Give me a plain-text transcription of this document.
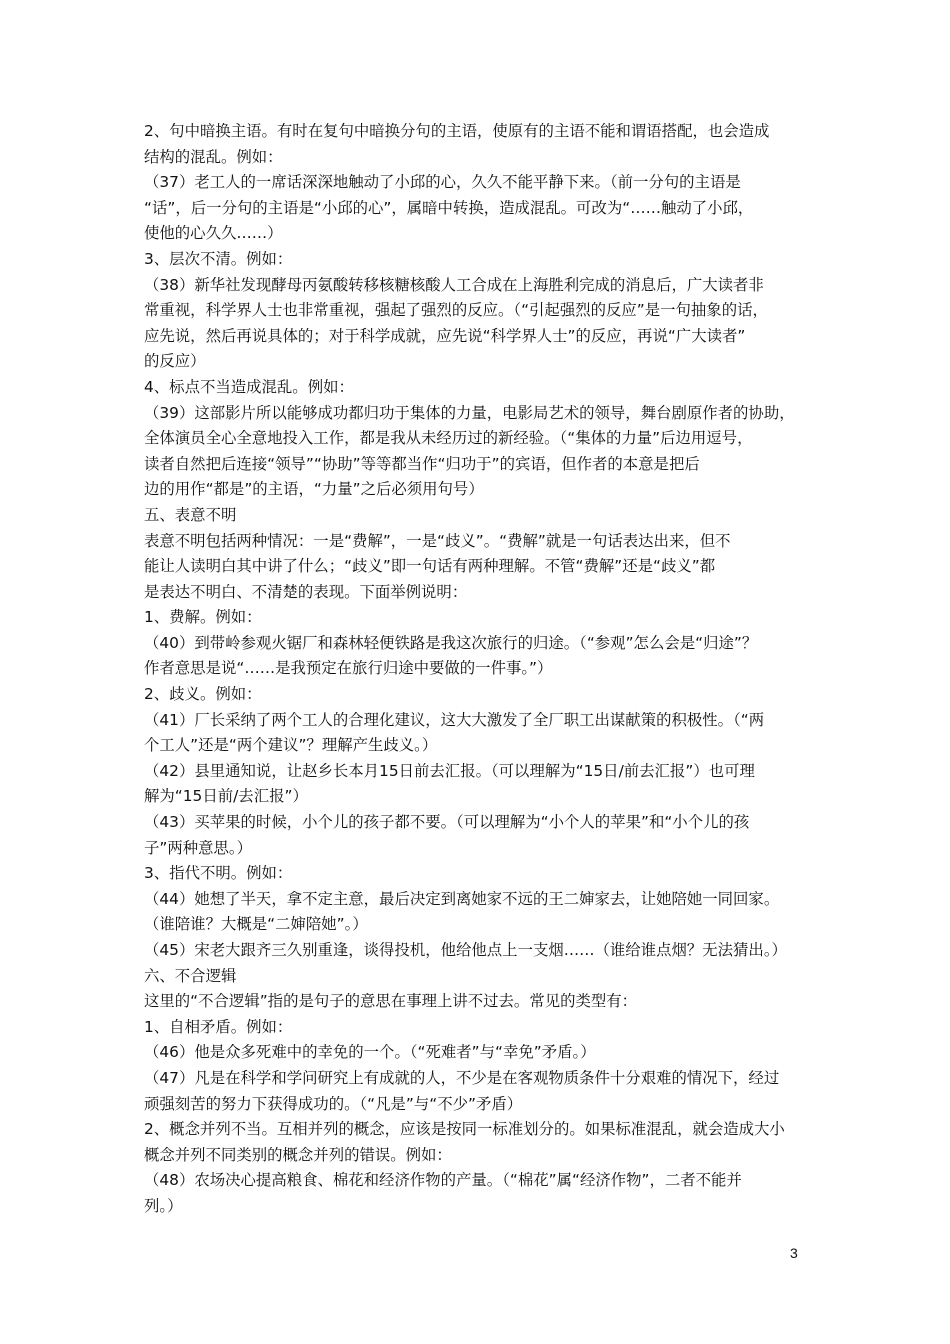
2、句中暗换主语。有时在复句中暗换分句的主语，使原有的主语不能和谓语搭配，也会造成
结构的混乱。例如：
（37）老工人的一席话深深地触动了小邱的心，久久不能平静下来。（前一分句的主语是
“话”，后一分句的主语是“小邱的心”，属暗中转换，造成混乱。可改为“……触动了小邱，
使他的心久久……）
3、层次不清。例如：
（38）新华社发现酵母丙氨酸转移核糖核酸人工合成在上海胜利完成的消息后，广大读者非
常重视，科学界人士也非常重视，强起了强烈的反应。（“引起强烈的反应”是一句抽象的话，
应先说，然后再说具体的；对于科学成就，应先说“科学界人士”的反应，再说“广大读者”
的反应）
4、标点不当造成混乱。例如：
（39）这部影片所以能够成功都归功于集体的力量，电影局艺术的领导，舞台剧原作者的协助，
全体演员全心全意地投入工作，都是我从未经历过的新经验。（“集体的力量”后边用逗号，
读者自然把后连接“领导”“协助”等等都当作“归功于”的宾语，但作者的本意是把后
边的用作“都是”的主语，“力量”之后必须用句号）
五、表意不明
表意不明包括两种情况：一是“费解”，一是“歧义”。“费解”就是一句话表达出来，但不
能让人读明白其中讲了什么；“歧义”即一句话有两种理解。不管“费解”还是“歧义”都
是表达不明白、不清楚的表现。下面举例说明：
1、费解。例如：
（40）到带岭参观火锯厂和森林轻便铁路是我这次旅行的归途。（“参观”怎么会是“归途”？
作者意思是说“……是我预定在旅行归途中要做的一件事。”）
2、歧义。例如：
（41）厂长采纳了两个工人的合理化建议，这大大激发了全厂职工出谋献策的积极性。（“两
个工人”还是“两个建议”？理解产生歧义。）
（42）县里通知说，让赵乡长本月15日前去汇报。（可以理解为“15日/前去汇报”）也可理
解为“15日前/去汇报”）
（43）买苹果的时候，小个儿的孩子都不要。（可以理解为“小个人的苹果”和“小个儿的孩
子”两种意思。）
3、指代不明。例如：
（44）她想了半天，拿不定主意，最后决定到离她家不远的王二婶家去，让她陪她一同回家。
（谁陪谁？大概是“二婶陪她”。）
（45）宋老大跟齐三久别重逢，谈得投机，他给他点上一支烟……（谁给谁点烟？无法猜出。）
六、不合逻辑
这里的“不合逻辑”指的是句子的意思在事理上讲不过去。常见的类型有：
1、自相矛盾。例如：
（46）他是众多死难中的幸免的一个。（“死难者”与“幸免”矛盾。）
（47）凡是在科学和学问研究上有成就的人，不少是在客观物质条件十分艰难的情况下，经过
顽强刻苦的努力下获得成功的。（“凡是”与“不少”矛盾）
2、概念并列不当。互相并列的概念，应该是按同一标准划分的。如果标准混乱，就会造成大小
概念并列不同类别的概念并列的错误。例如：
（48）农场决心提高粮食、棉花和经济作物的产量。（“棉花”属“经济作物”，二者不能并
列。）
3
